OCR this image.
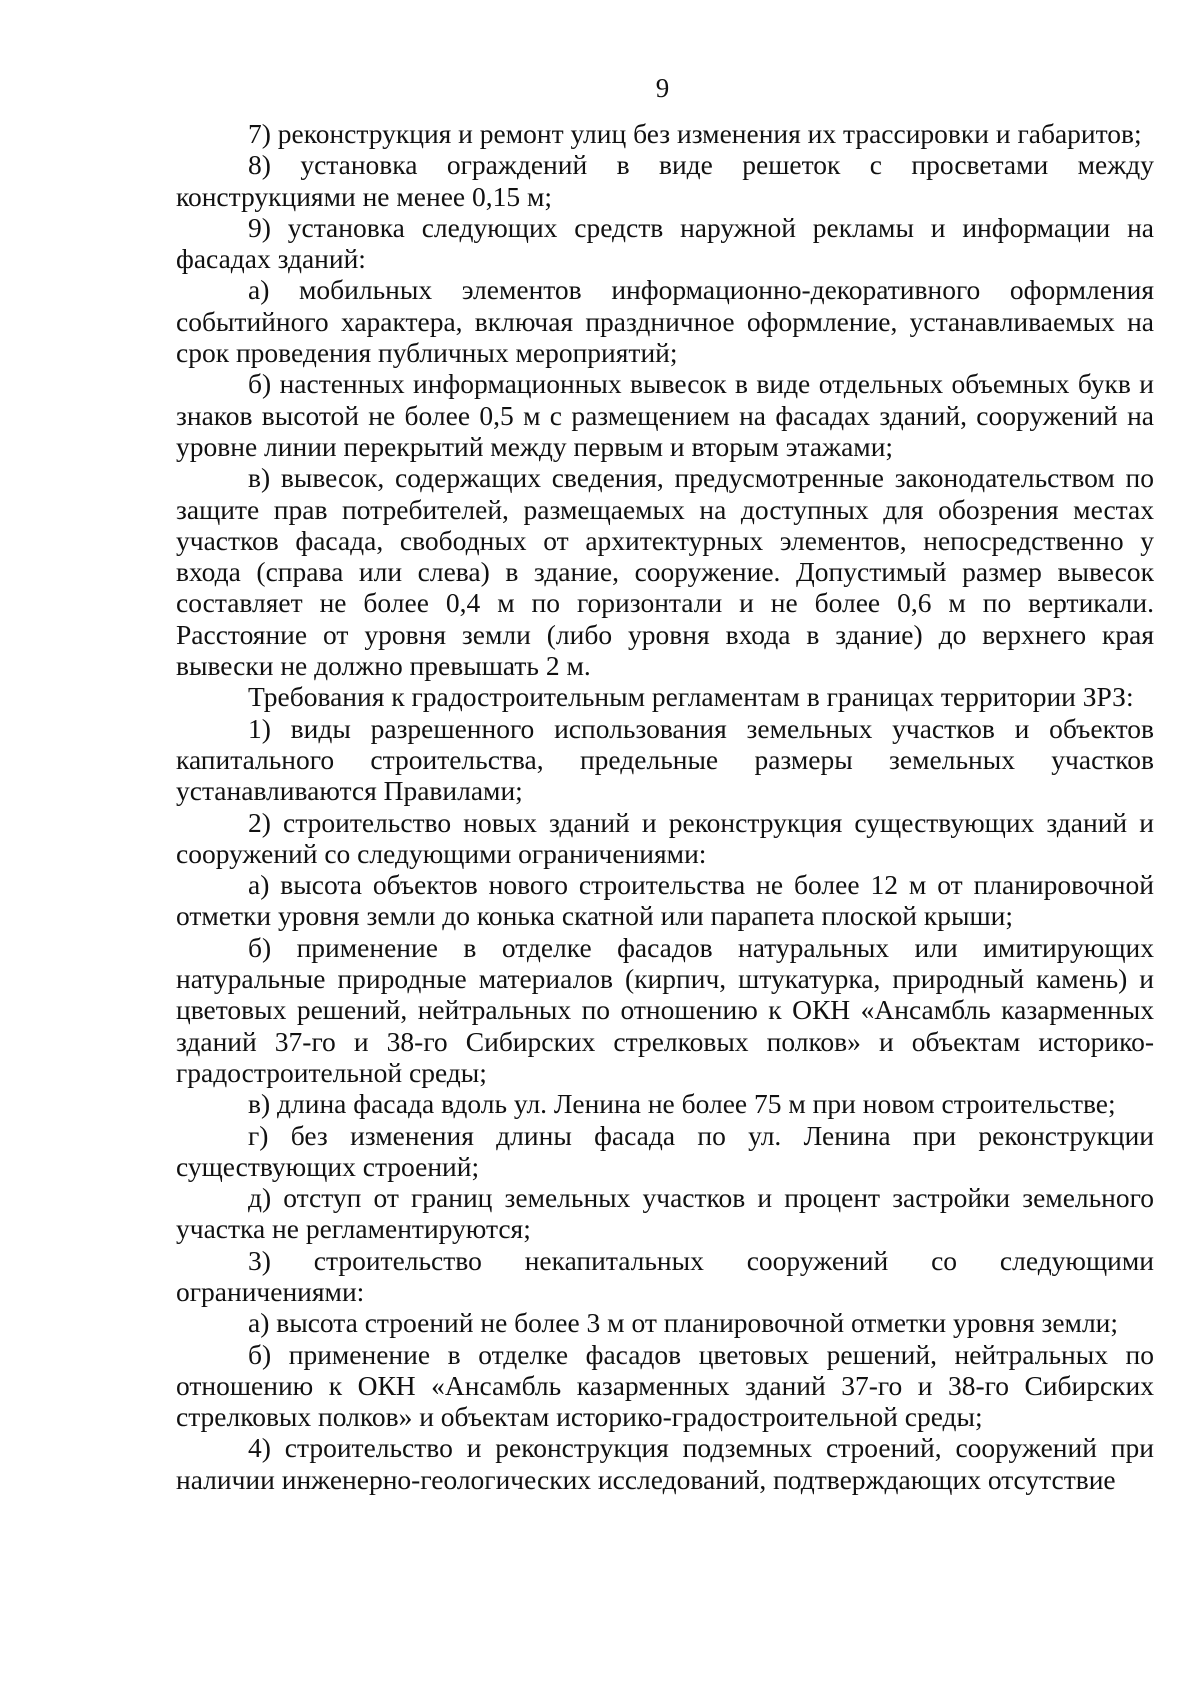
9

7) реконструкция и ремонт улиц без изменения их трассировки и габаритов;

8) установка ограждений в виде решеток с просветами между конструкциями не менее 0,15 м;

9) установка следующих средств наружной рекламы и информации на фасадах зданий:

а) мобильных элементов информационно-декоративного оформления событийного характера, включая праздничное оформление, устанавливаемых на срок проведения публичных мероприятий;

б) настенных информационных вывесок в виде отдельных объемных букв и знаков высотой не более 0,5 м с размещением на фасадах зданий, сооружений на уровне линии перекрытий между первым и вторым этажами;

в) вывесок, содержащих сведения, предусмотренные законодательством по защите прав потребителей, размещаемых на доступных для обозрения местах участков фасада, свободных от архитектурных элементов, непосредственно у входа (справа или слева) в здание, сооружение. Допустимый размер вывесок составляет не более 0,4 м по горизонтали и не более 0,6 м по вертикали. Расстояние от уровня земли (либо уровня входа в здание) до верхнего края вывески не должно превышать 2 м.

Требования к градостроительным регламентам в границах территории ЗРЗ:

1) виды разрешенного использования земельных участков и объектов капитального строительства, предельные размеры земельных участков устанавливаются Правилами;

2) строительство новых зданий и реконструкция существующих зданий и сооружений со следующими ограничениями:

а) высота объектов нового строительства не более 12 м от планировочной отметки уровня земли до конька скатной или парапета плоской крыши;

б) применение в отделке фасадов натуральных или имитирующих натуральные природные материалов (кирпич, штукатурка, природный камень) и цветовых решений, нейтральных по отношению к ОКН «Ансамбль казарменных зданий 37-го и 38-го Сибирских стрелковых полков» и объектам историко-градостроительной среды;

в) длина фасада вдоль ул. Ленина не более 75 м при новом строительстве;

г) без изменения длины фасада по ул. Ленина при реконструкции существующих строений;

д) отступ от границ земельных участков и процент застройки земельного участка не регламентируются;

3) строительство некапитальных сооружений со следующими ограничениями:

а) высота строений не более 3 м от планировочной отметки уровня земли;

б) применение в отделке фасадов цветовых решений, нейтральных по отношению к ОКН «Ансамбль казарменных зданий 37-го и 38-го Сибирских стрелковых полков» и объектам историко-градостроительной среды;

4) строительство и реконструкция подземных строений, сооружений при наличии инженерно-геологических исследований, подтверждающих отсутствие
